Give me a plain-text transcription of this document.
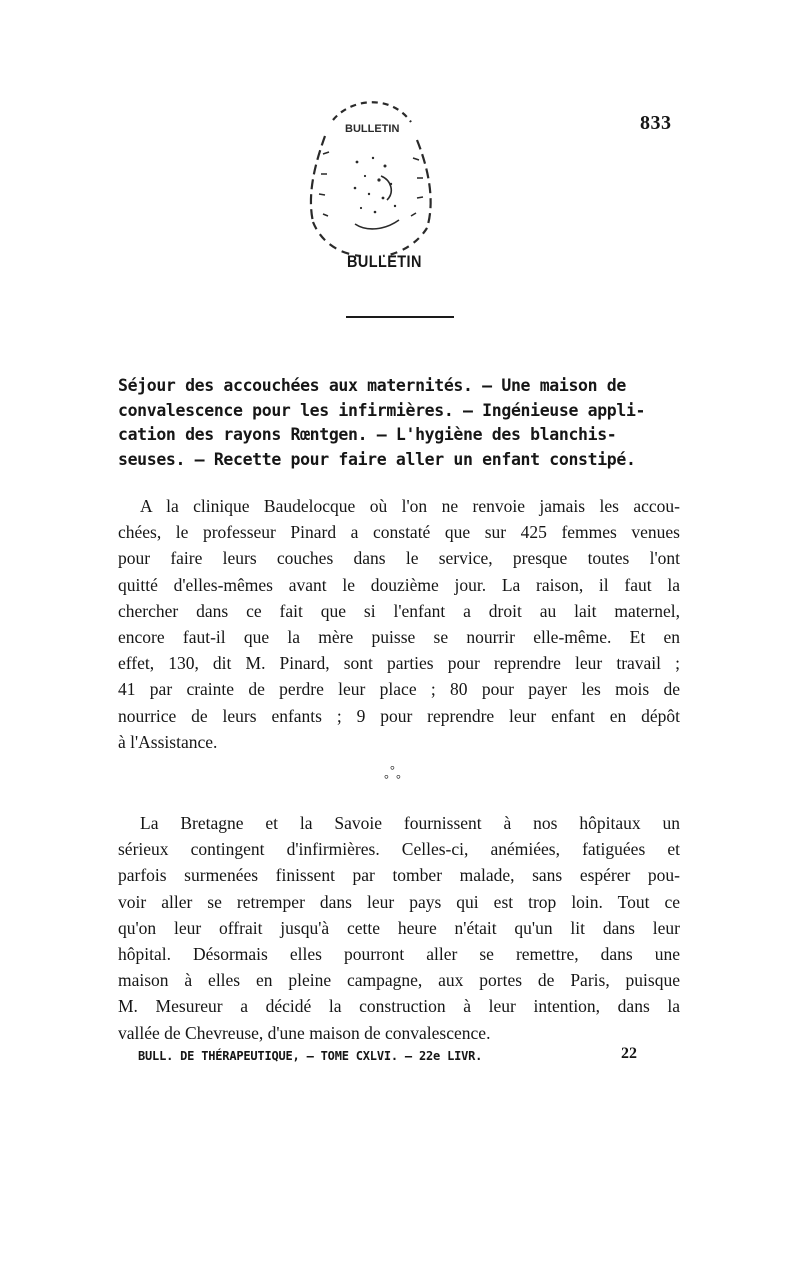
833
BULLETIN
BULLETIN
Séjour des accouchées aux maternités. — Une maison de
convalescence pour les infirmières. — Ingénieuse appli-
cation des rayons Rœntgen. — L'hygiène des blanchis-
seuses. — Recette pour faire aller un enfant constipé.
A la clinique Baudelocque où l'on ne renvoie jamais les accou-
chées, le professeur Pinard a constaté que sur 425 femmes venues
pour faire leurs couches dans le service, presque toutes l'ont
quitté d'elles-mêmes avant le douzième jour. La raison, il faut la
chercher dans ce fait que si l'enfant a droit au lait maternel,
encore faut-il que la mère puisse se nourrir elle-même. Et en
effet, 130, dit M. Pinard, sont parties pour reprendre leur travail ;
41 par crainte de perdre leur place ; 80 pour payer les mois de
nourrice de leurs enfants ; 9 pour reprendre leur enfant en dépôt
à l'Assistance.
°
° °
La Bretagne et la Savoie fournissent à nos hôpitaux un
sérieux contingent d'infirmières. Celles-ci, anémiées, fatiguées et
parfois surmenées finissent par tomber malade, sans espérer pou-
voir aller se retremper dans leur pays qui est trop loin. Tout ce
qu'on leur offrait jusqu'à cette heure n'était qu'un lit dans leur
hôpital. Désormais elles pourront aller se remettre, dans une
maison à elles en pleine campagne, aux portes de Paris, puisque
M. Mesureur a décidé la construction à leur intention, dans la
vallée de Chevreuse, d'une maison de convalescence.
BULL. DE THÉRAPEUTIQUE, — TOME CXLVI. — 22e LIVR.	22
